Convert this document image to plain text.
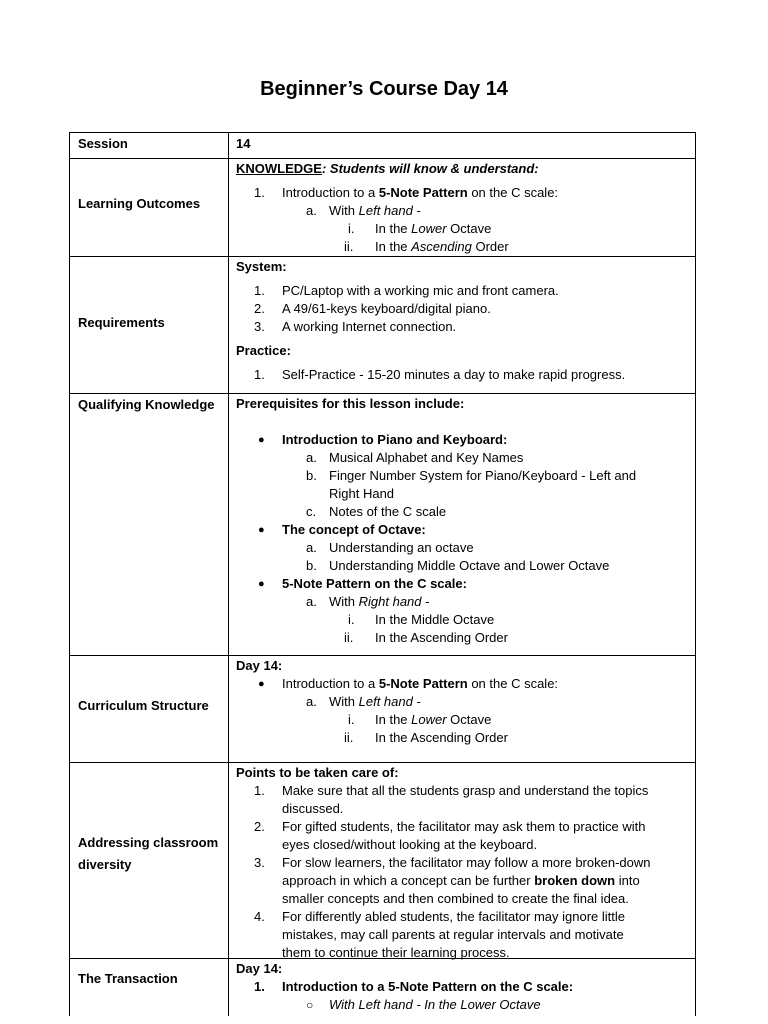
Beginner’s Course Day 14
Session	14
Learning Outcomes
KNOWLEDGE: Students will know & understand:
1. Introduction to a 5-Note Pattern on the C scale:
a. With Left hand -
i. In the Lower Octave
ii. In the Ascending Order
Requirements
System:
1. PC/Laptop with a working mic and front camera.
2. A 49/61-keys keyboard/digital piano.
3. A working Internet connection.
Practice:
1. Self-Practice - 15-20 minutes a day to make rapid progress.
Qualifying Knowledge Prerequisites for this lesson include:
● Introduction to Piano and Keyboard:
a. Musical Alphabet and Key Names
b. Finger Number System for Piano/Keyboard - Left and
Right Hand
c. Notes of the C scale
● The concept of Octave:
a. Understanding an octave
b. Understanding Middle Octave and Lower Octave
● 5-Note Pattern on the C scale:
a. With Right hand -
i. In the Middle Octave
ii. In the Ascending Order
Curriculum Structure
Day 14:
● Introduction to a 5-Note Pattern on the C scale:
a. With Left hand -
i. In the Lower Octave
ii. In the Ascending Order
Addressing classroom
diversity
Points to be taken care of:
1. Make sure that all the students grasp and understand the topics
discussed.
2. For gifted students, the facilitator may ask them to practice with
eyes closed/without looking at the keyboard.
3. For slow learners, the facilitator may follow a more broken-down
approach in which a concept can be further broken down into
smaller concepts and then combined to create the final idea.
4. For differently abled students, the facilitator may ignore little
mistakes, may call parents at regular intervals and motivate
them to continue their learning process.
The Transaction
Day 14:
1. Introduction to a 5-Note Pattern on the C scale:
○ With Left hand - In the Lower Octave
